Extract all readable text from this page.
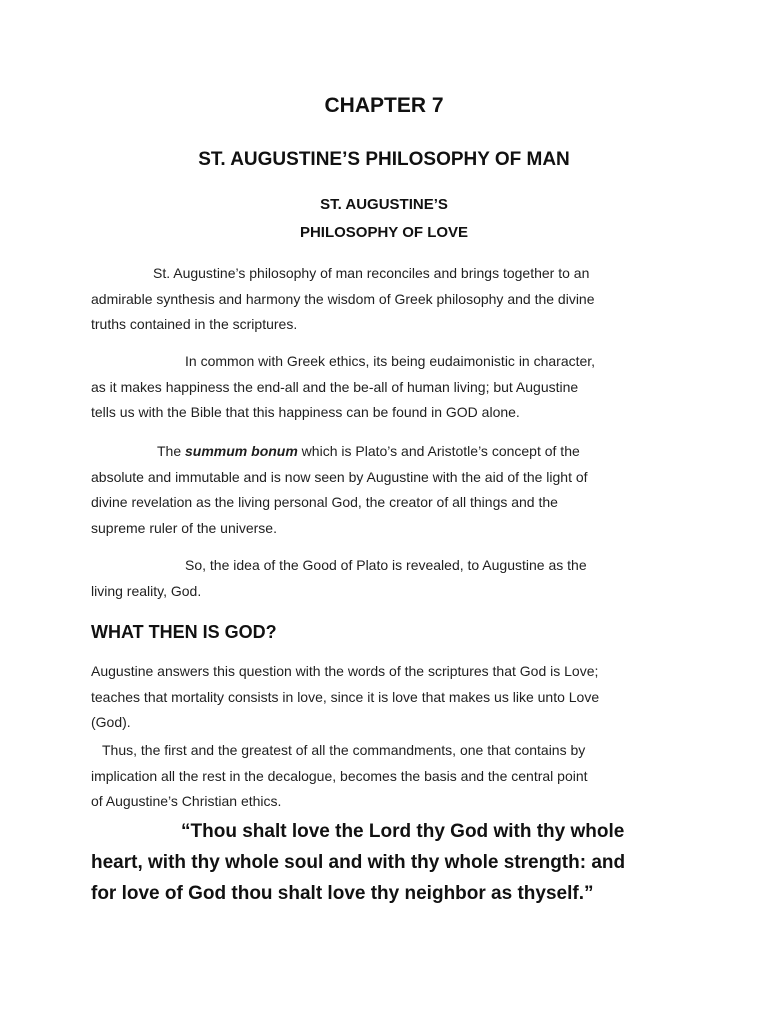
CHAPTER 7
ST. AUGUSTINE’S PHILOSOPHY OF MAN
ST. AUGUSTINE’S
PHILOSOPHY OF LOVE
St. Augustine’s philosophy of man reconciles and brings together to an
admirable synthesis and harmony the wisdom of Greek philosophy and the divine
truths contained in the scriptures.
In common with Greek ethics, its being eudaimonistic in character,
as it makes happiness the end-all and the be-all of human living; but Augustine
tells us with the Bible that this happiness can be found in GOD alone.
The summum bonum which is Plato’s and Aristotle’s concept of the
absolute and immutable and is now seen by Augustine with the aid of the light of
divine revelation as the living personal God, the creator of all things and the
supreme ruler of the universe.
So, the idea of the Good of Plato is revealed, to Augustine as the
living reality, God.
WHAT THEN IS GOD?
Augustine answers this question with the words of the scriptures that God is Love;
teaches that mortality consists in love, since it is love that makes us like unto Love
(God).
Thus, the first and the greatest of all the commandments, one that contains by
implication all the rest in the decalogue, becomes the basis and the central point
of Augustine’s Christian ethics.
“Thou shalt love the Lord thy God with thy whole
heart, with thy whole soul and with thy whole strength: and
for love of God thou shalt love thy neighbor as thyself.”
